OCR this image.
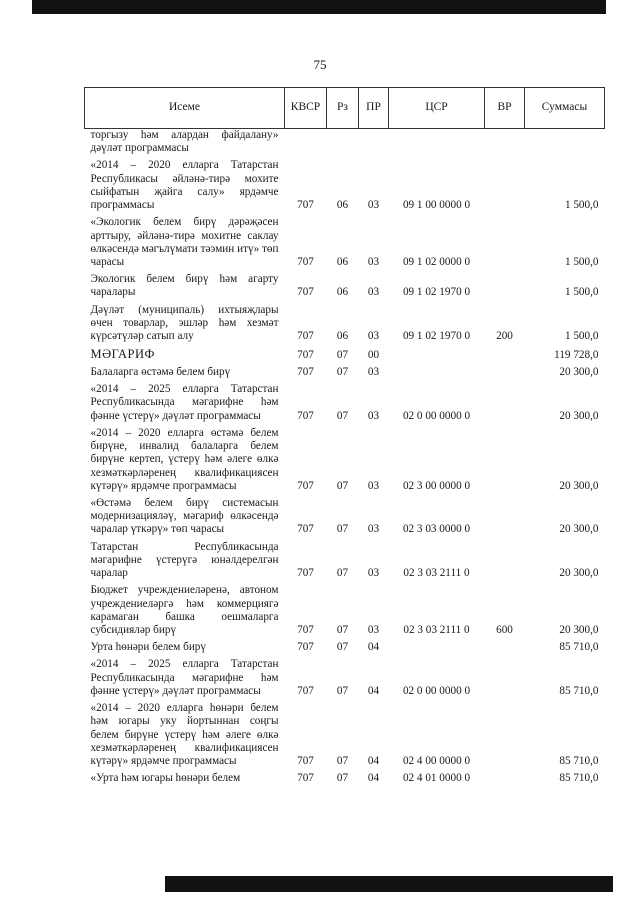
75
Исеме	КВСР	Рз	ПР	ЦСР	ВР	Суммасы
торгызу һәм алардан файдалану» дәүләт программасы						
«2014 – 2020 елларга Татарстан Республикасы әйләнә-тирә мохите сыйфатын җайга салу» ярдәмче программасы	707	06	03	09 1 00 0000 0		1 500,0
«Экологик белем бирү дәрәҗәсен арттыру, әйләнә-тирә мохитне саклау өлкәсендә мәгълүмати тәэмин итү» төп чарасы	707	06	03	09 1 02 0000 0		1 500,0
Экологик белем бирү һәм агарту чаралары	707	06	03	09 1 02 1970 0		1 500,0
Дәүләт (муниципаль) ихтыяҗлары өчен товарлар, эшләр һәм хезмәт күрсәтүләр сатып алу	707	06	03	09 1 02 1970 0	200	1 500,0
МӘГАРИФ	707	07	00			119 728,0
Балаларга өстәмә белем бирү	707	07	03			20 300,0
«2014 – 2025 елларга Татарстан Республикасында мәгарифне һәм фәнне үстерү» дәүләт программасы	707	07	03	02 0 00 0000 0		20 300,0
«2014 – 2020 елларга өстәмә белем бирүне, инвалид балаларга белем бирүне кертеп, үстерү һәм әлеге өлкә хезмәткәрләренең квалификациясен күтәрү» ярдәмче программасы	707	07	03	02 3 00 0000 0		20 300,0
«Өстәмә белем бирү системасын модернизацияләү, мәгариф өлкәсендә чаралар үткәрү» төп чарасы	707	07	03	02 3 03 0000 0		20 300,0
Татарстан Республикасында мәгарифне үстерүгә юнәлдерелгән чаралар	707	07	03	02 3 03 2111 0		20 300,0
Бюджет учреждениеләренә, автоном учреждениеләргә һәм коммерциягә карамаган башка оешмаларга субсидияләр бирү	707	07	03	02 3 03 2111 0	600	20 300,0
Урта һөнәри белем бирү	707	07	04			85 710,0
«2014 – 2025 елларга Татарстан Республикасында мәгарифне һәм фәнне үстерү» дәүләт программасы	707	07	04	02 0 00 0000 0		85 710,0
«2014 – 2020 елларга һөнәри белем һәм югары уку йортыннан соңгы белем бирүне үстерү һәм әлеге өлкә хезмәткәрләренең квалификациясен күтәрү» ярдәмче программасы	707	07	04	02 4 00 0000 0		85 710,0
«Урта һәм югары һөнәри белем	707	07	04	02 4 01 0000 0		85 710,0
